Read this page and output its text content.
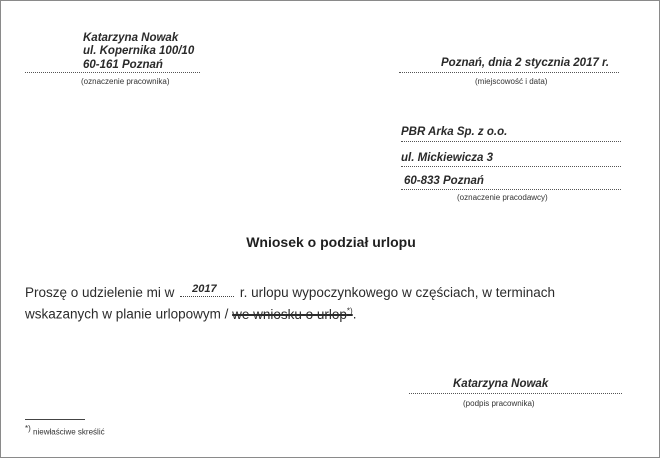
Katarzyna Nowak
ul. Kopernika 100/10
60-161 Poznań
(oznaczenie pracownika)
Poznań, dnia 2 stycznia 2017 r.
(miejscowość i data)
PBR Arka Sp. z o.o.
ul. Mickiewicza 3
60-833 Poznań
(oznaczenie pracodawcy)
Wniosek o podział urlopu
Proszę o udzielenie mi w 2017 r. urlopu wypoczynkowego w częściach, w terminach
wskazanych w planie urlopowym / we wniosku o urlop*).
Katarzyna Nowak
(podpis pracownika)
*) niewłaściwe skreślić
